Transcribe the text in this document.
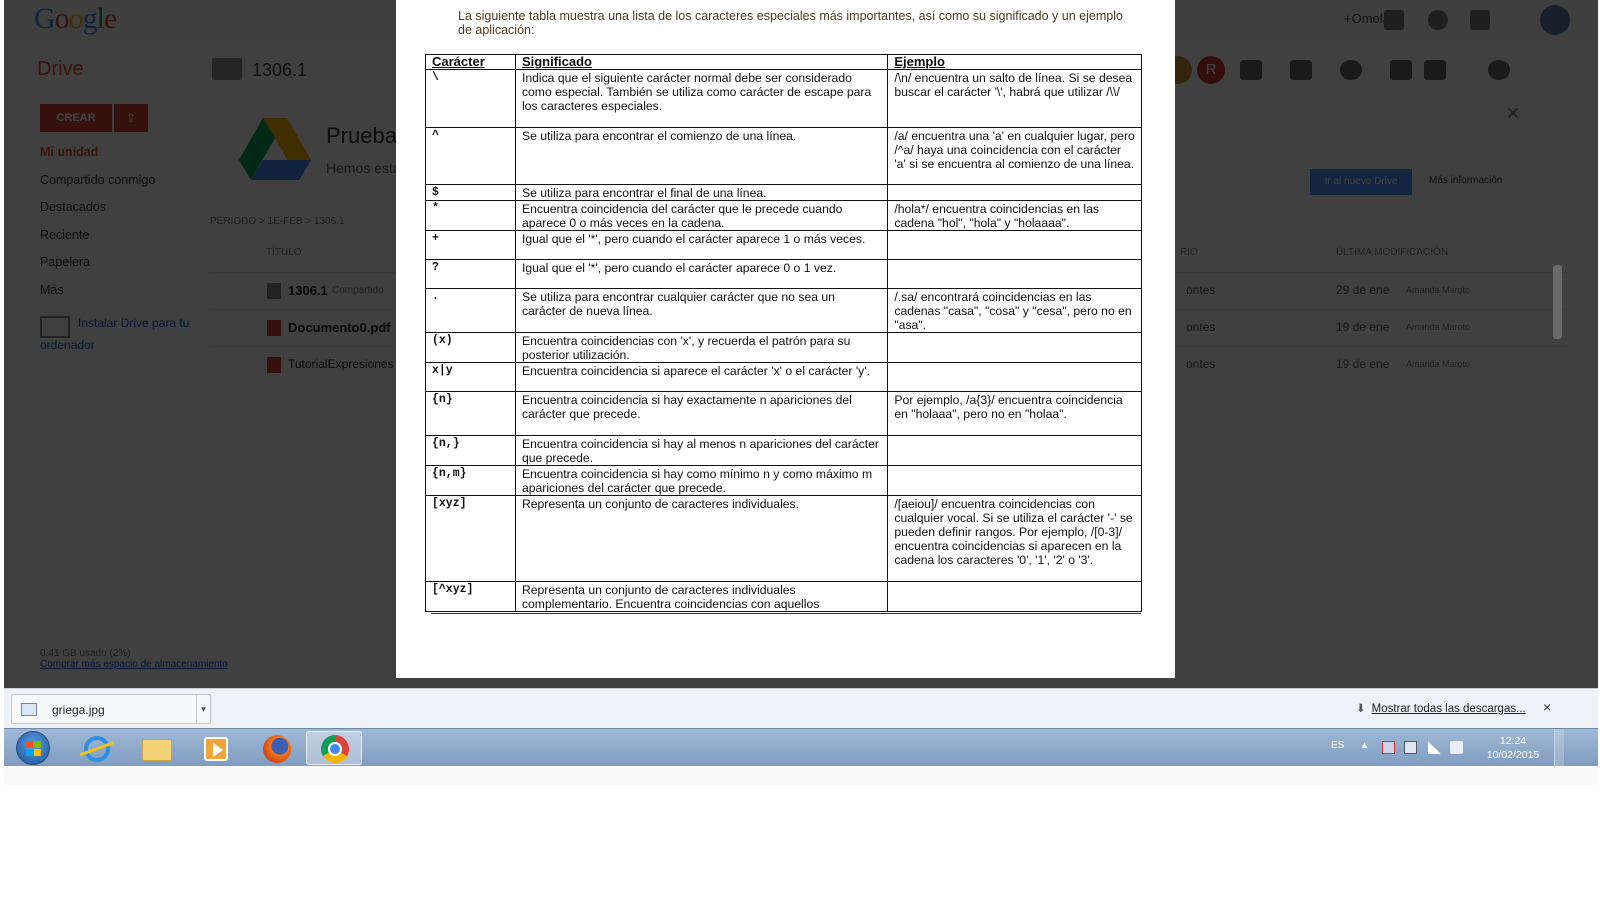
La siguiente tabla muestra una lista de los caracteres especiales más importantes, así como su significado y un ejemplo de aplicación:
Carácter	Significado	Ejemplo
\	Indica que el siguiente carácter normal debe ser considerado como especial. También se utiliza como carácter de escape para los caracteres especiales.	/\n/ encuentra un salto de línea. Si se desea buscar el carácter '\', habrá que utilizar /\\/
^	Se utiliza para encontrar el comienzo de una línea.	/a/ encuentra una 'a' en cualquier lugar, pero /^a/ haya una coincidencia con el carácter 'a' si se encuentra al comienzo de una línea.
$	Se utiliza para encontrar el final de una línea.	
*	Encuentra coincidencia del carácter que le precede cuando aparece 0 o más veces en la cadena.	/hola*/ encuentra coincidencias en las cadena "hol", "hola" y "holaaaa".
+	Igual que el '*', pero cuando el carácter aparece 1 o más veces.	
?	Igual que el '*', pero cuando el carácter aparece 0 o 1 vez.	
.	Se utiliza para encontrar cualquier carácter que no sea un carácter de nueva línea.	/.sa/ encontrará coincidencias en las cadenas "casa", "cosa" y "cesa", pero no en "asa".
(x)	Encuentra coincidencias con 'x', y recuerda el patrón para su posterior utilización.	
x|y	Encuentra coincidencia si aparece el carácter 'x' o el carácter 'y'.	
{n}	Encuentra coincidencia si hay exactamente n apariciones del carácter que precede.	Por ejemplo, /a{3}/ encuentra coincidencia en "holaaa", pero no en "holaa".
{n,}	Encuentra coincidencia si hay al menos n apariciones del carácter que precede.	
{n,m}	Encuentra coincidencia si hay como mínimo n y como máximo m apariciones del carácter que precede.	
[xyz]	Representa un conjunto de caracteres individuales.	/[aeiou]/ encuentra coincidencias con cualquier vocal. Si se utiliza el carácter '-' se pueden definir rangos. Por ejemplo, /[0-3]/ encuentra coincidencias si aparecen en la cadena los caracteres '0', '1', '2' o '3'.
[^xyz]	Representa un conjunto de caracteres individuales complementario. Encuentra coincidencias con aquellos	
griega.jpg	▾	⬇ Mostrar todas las descargas... ×
ES ▲	12:24
10/02/2015
